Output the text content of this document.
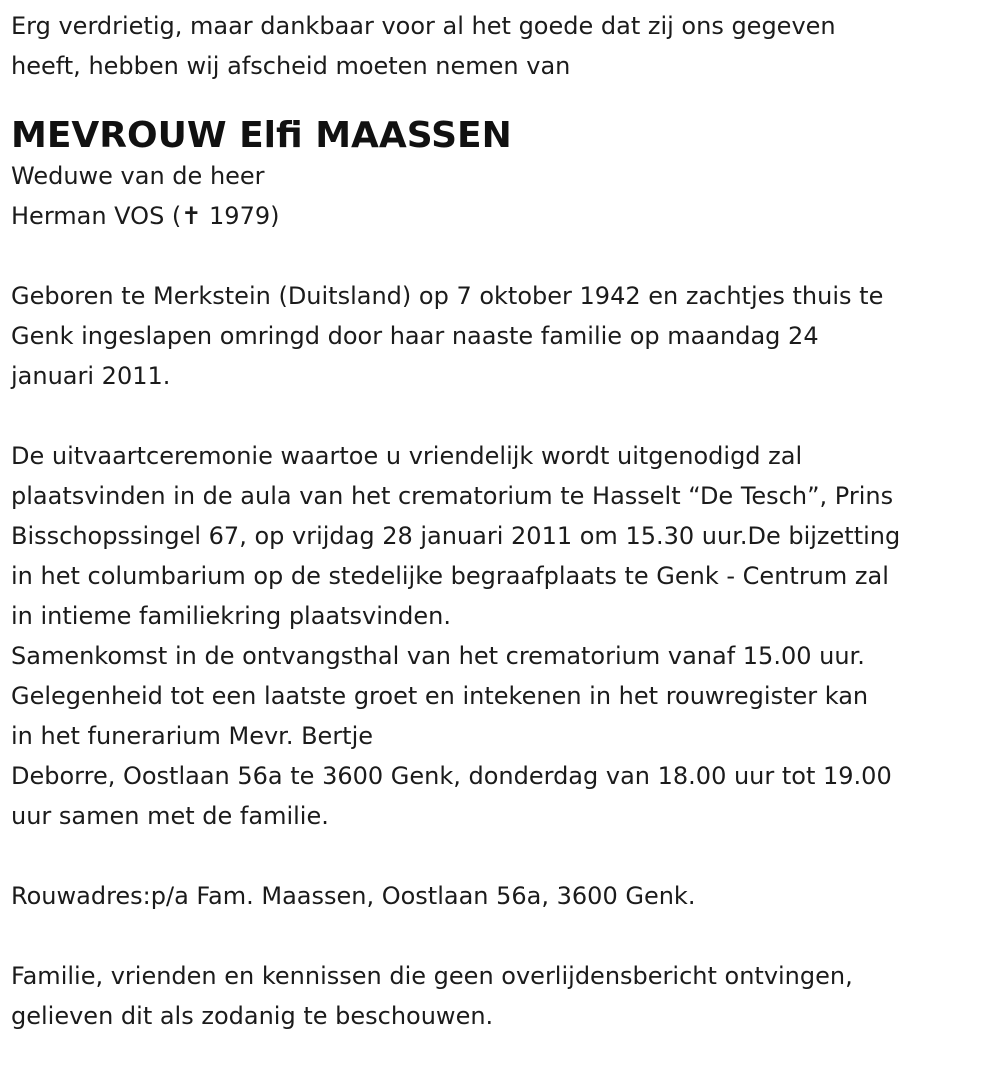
Erg verdrietig, maar dankbaar voor al het goede dat zij ons gegeven
heeft, hebben wij afscheid moeten nemen van
MEVROUW Elfi MAASSEN
Weduwe van de heer
Herman VOS (✝ 1979)
Geboren te Merkstein (Duitsland) op 7 oktober 1942 en zachtjes thuis te
Genk ingeslapen omringd door haar naaste familie op maandag 24
januari 2011.
De uitvaartceremonie waartoe u vriendelijk wordt uitgenodigd zal
plaatsvinden in de aula van het crematorium te Hasselt “De Tesch”, Prins
Bisschopssingel 67, op vrijdag 28 januari 2011 om 15.30 uur.De bijzetting
in het columbarium op de stedelijke begraafplaats te Genk - Centrum zal
in intieme familiekring plaatsvinden.
Samenkomst in de ontvangsthal van het crematorium vanaf 15.00 uur.
Gelegenheid tot een laatste groet en intekenen in het rouwregister kan
in het funerarium Mevr. Bertje
Deborre, Oostlaan 56a te 3600 Genk, donderdag van 18.00 uur tot 19.00
uur samen met de familie.
Rouwadres:p/a Fam. Maassen, Oostlaan 56a, 3600 Genk.
Familie, vrienden en kennissen die geen overlijdensbericht ontvingen,
gelieven dit als zodanig te beschouwen.
